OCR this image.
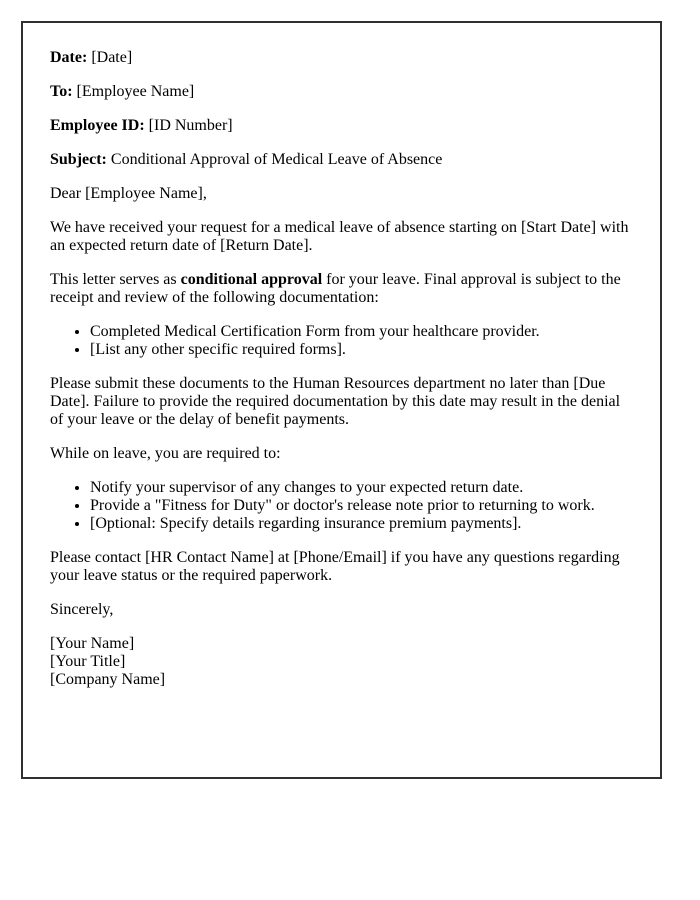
Date: [Date]

To: [Employee Name]

Employee ID: [ID Number]

Subject: Conditional Approval of Medical Leave of Absence

Dear [Employee Name],

We have received your request for a medical leave of absence starting on [Start Date] with an expected return date of [Return Date].

This letter serves as conditional approval for your leave. Final approval is subject to the receipt and review of the following documentation:

• Completed Medical Certification Form from your healthcare provider.
• [List any other specific required forms].

Please submit these documents to the Human Resources department no later than [Due Date]. Failure to provide the required documentation by this date may result in the denial of your leave or the delay of benefit payments.

While on leave, you are required to:

• Notify your supervisor of any changes to your expected return date.
• Provide a "Fitness for Duty" or doctor's release note prior to returning to work.
• [Optional: Specify details regarding insurance premium payments].

Please contact [HR Contact Name] at [Phone/Email] if you have any questions regarding your leave status or the required paperwork.

Sincerely,

[Your Name]
[Your Title]
[Company Name]
